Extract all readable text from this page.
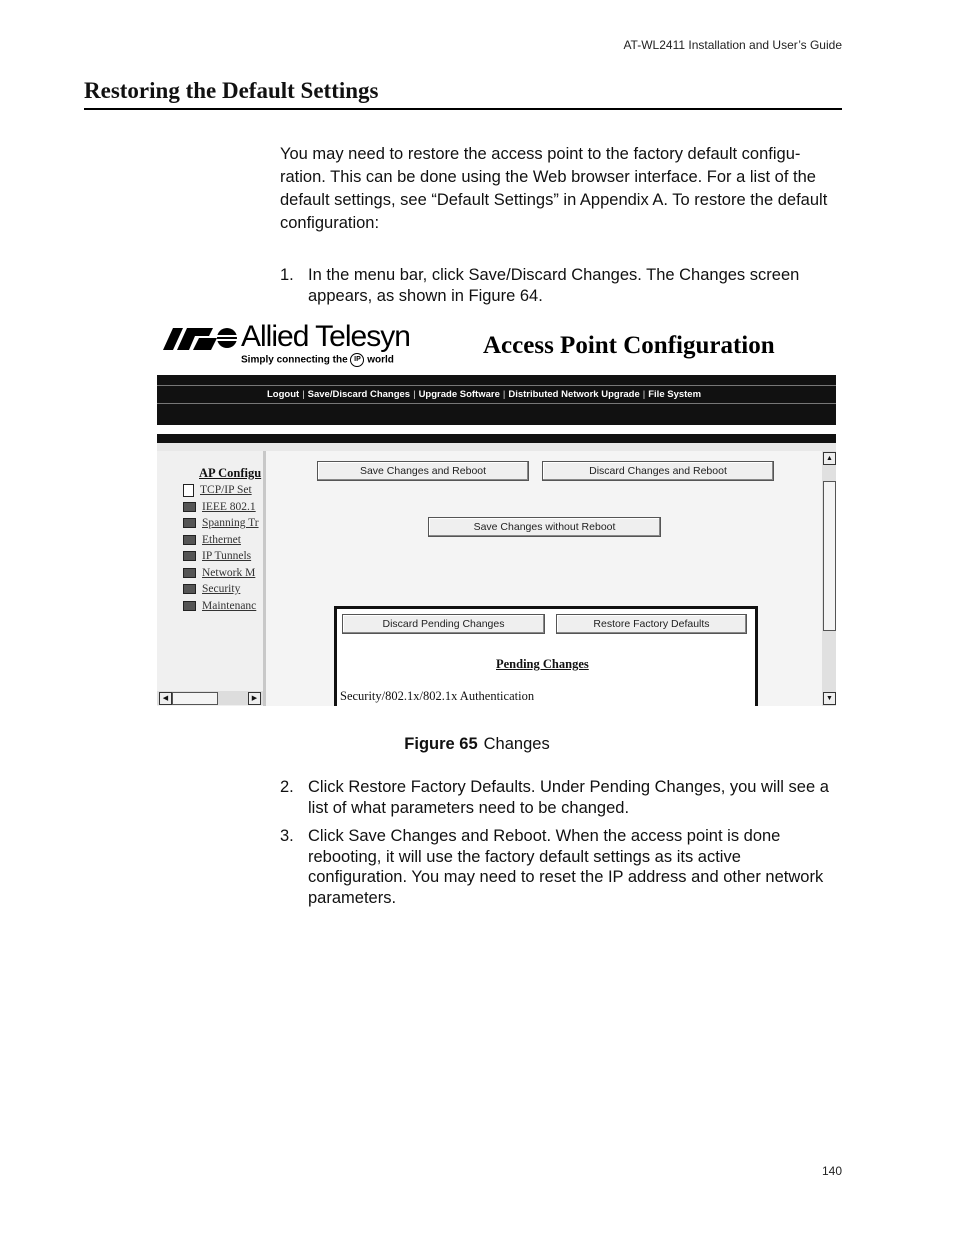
AT-WL2411 Installation and User’s Guide
Restoring the Default Settings

You may need to restore the access point to the factory default configu-ration. This can be done using the Web browser interface. For a list of the default settings, see “Default Settings” in Appendix A. To restore the default configuration:

1. In the menu bar, click Save/Discard Changes. The Changes screen appears, as shown in Figure 64.
Allied Telesyn
Simply connecting the IP world
Access Point Configuration
Logout | Save/Discard Changes | Upgrade Software | Distributed Network Upgrade | File System
AP Configu
TCP/IP Set
IEEE 802.1
Spanning Tr
Ethernet
IP Tunnels
Network M
Security
Maintenanc
◀	▶
Save Changes and Reboot	Discard Changes and Reboot
Save Changes without Reboot
Discard Pending Changes	Restore Factory Defaults
Pending Changes
Security/802.1x/802.1x Authentication
▲
▼
Figure 65 Changes
2. Click Restore Factory Defaults. Under Pending Changes, you will see a list of what parameters need to be changed.
3. Click Save Changes and Reboot. When the access point is done rebooting, it will use the factory default settings as its active configuration. You may need to reset the IP address and other network parameters.
140
